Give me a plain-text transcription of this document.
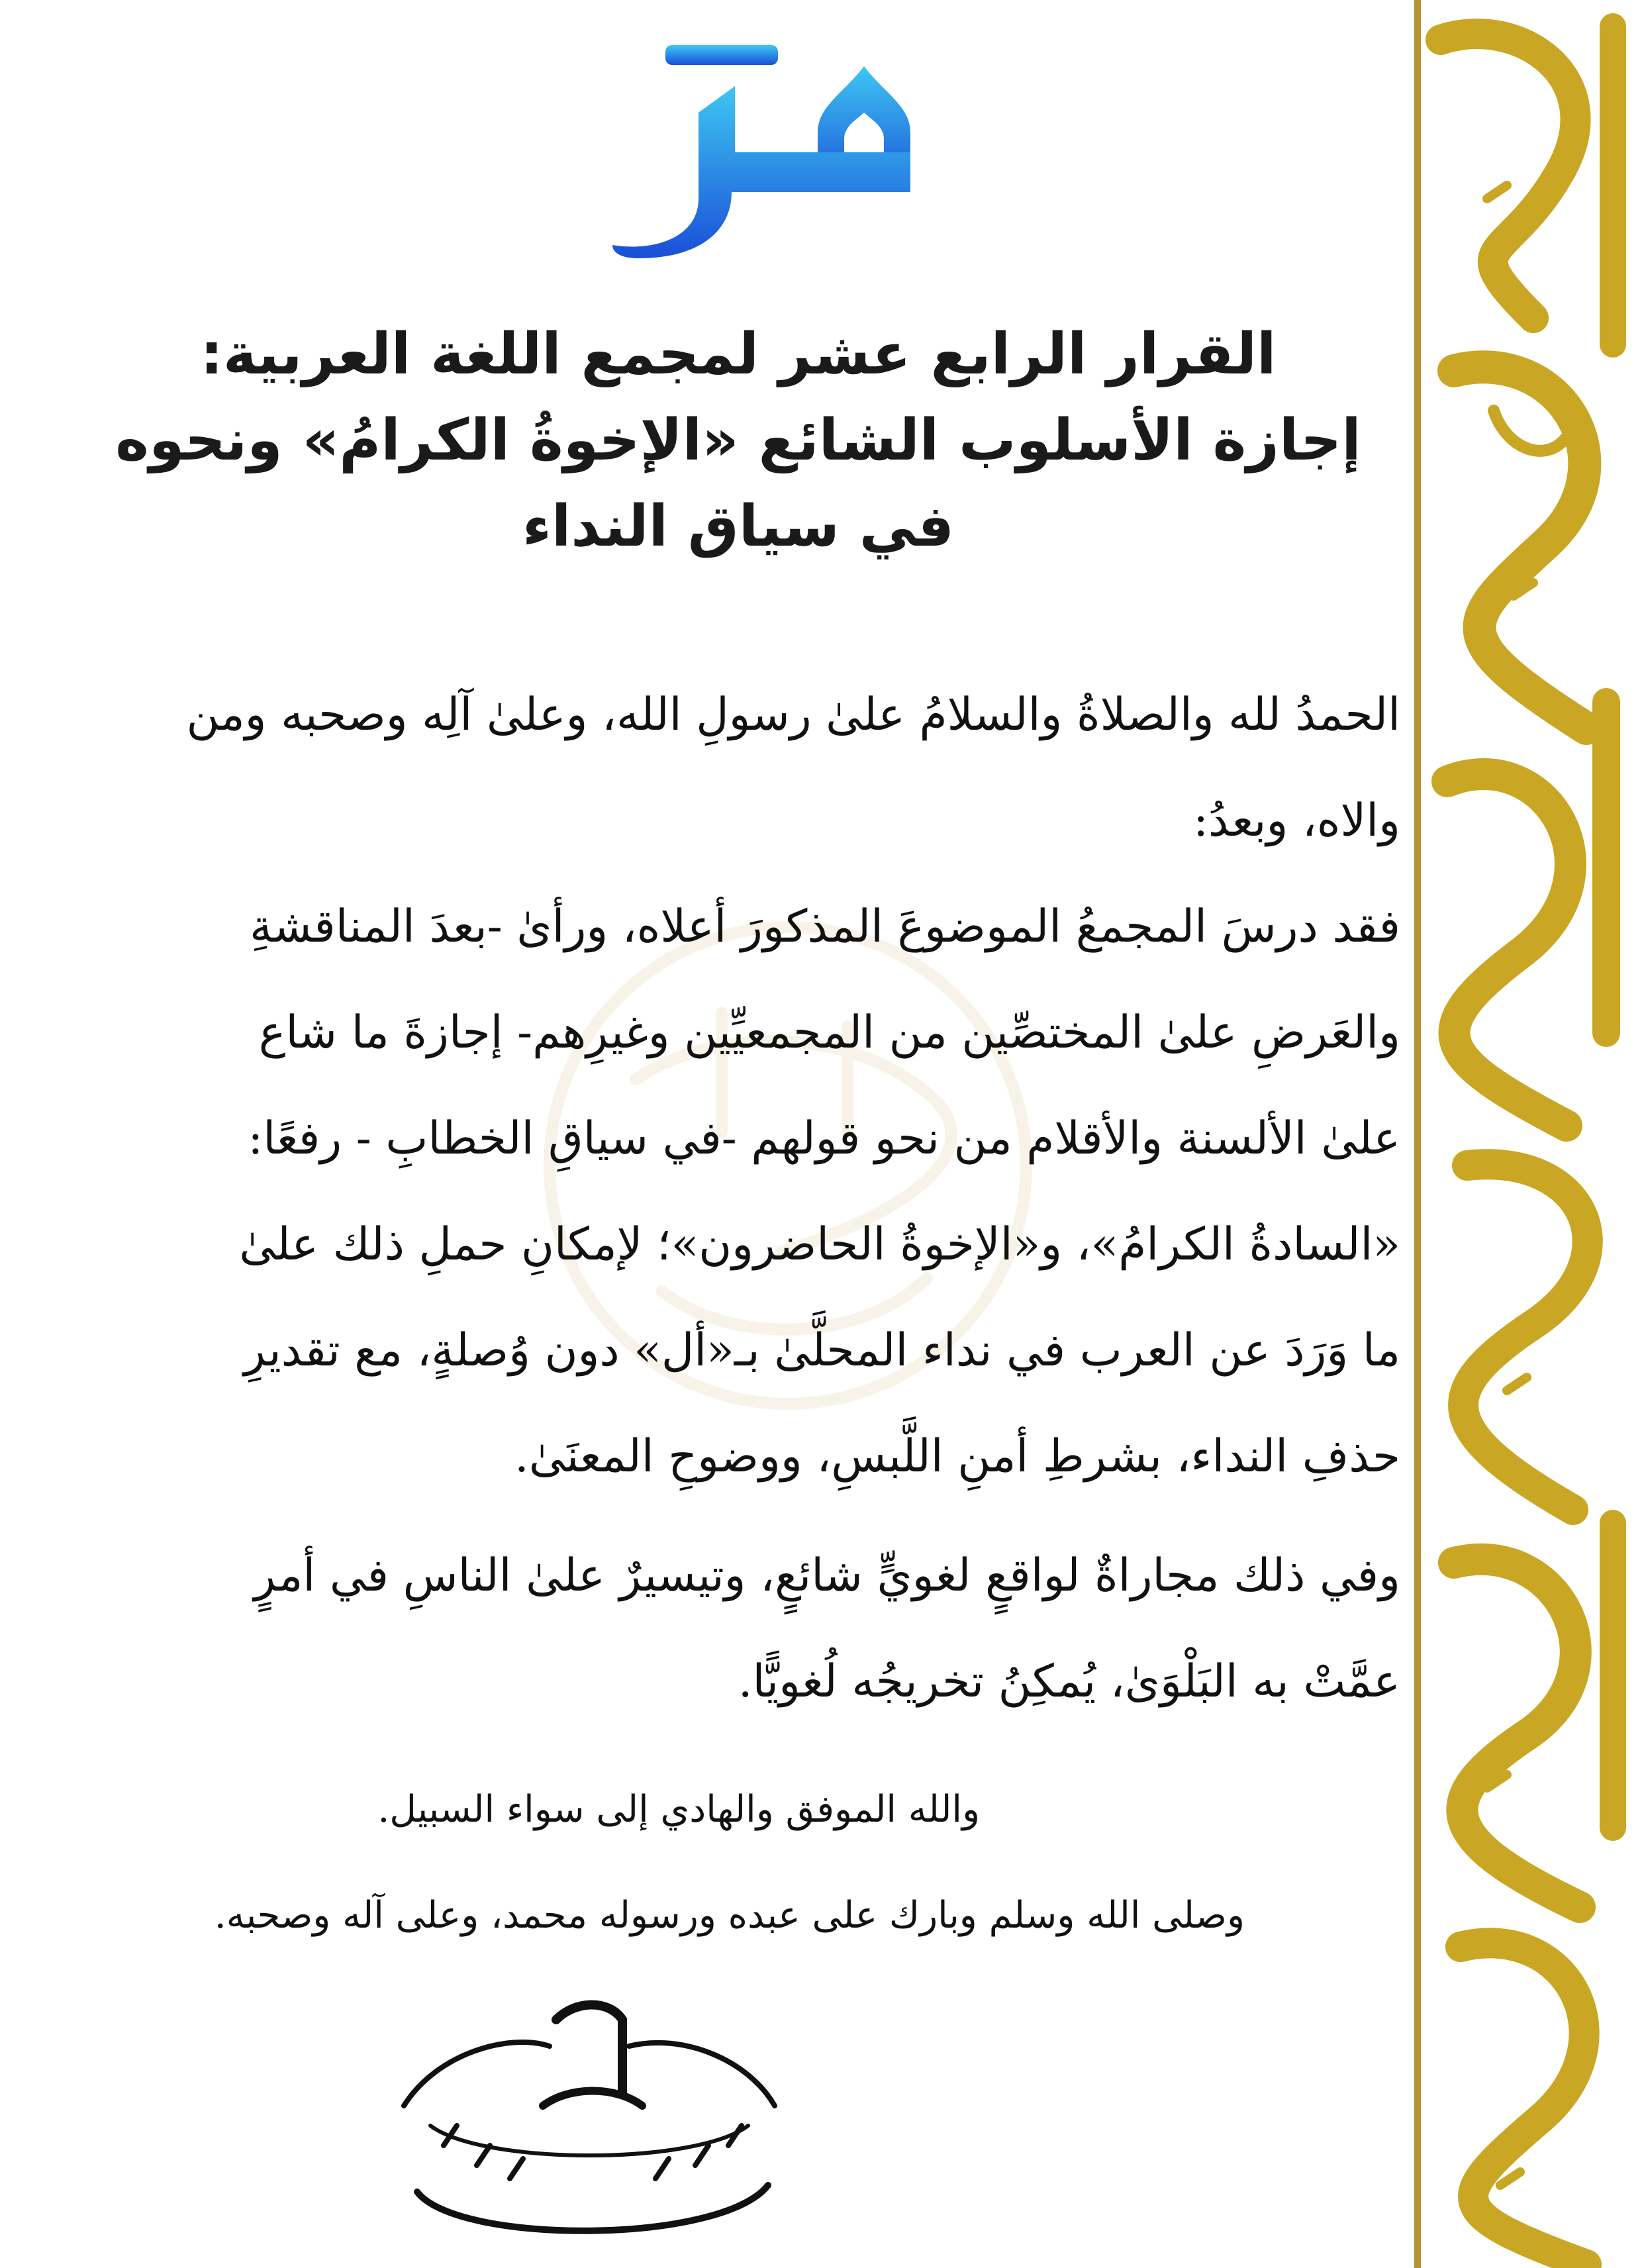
القرار الرابع عشر لمجمع اللغة العربية:
إجازة الأسلوب الشائع «الإخوةُ الكرامُ» ونحوه
في سياق النداء
الحمدُ لله والصلاةُ والسلامُ علىٰ رسولِ الله، وعلىٰ آلِه وصحبه ومن
والاه، وبعدُ:
فقد درسَ المجمعُ الموضوعَ المذكورَ أعلاه، ورأىٰ -بعدَ المناقشةِ
والعَرضِ علىٰ المختصِّين من المجمعيِّين وغيرِهم- إجازةَ ما شاع
علىٰ الألسنة والأقلام من نحو قولهم -في سياقِ الخطابِ - رفعًا:
«السادةُ الكرامُ»، و«الإخوةُ الحاضرون»؛ لإمكانِ حملِ ذلك علىٰ
ما وَرَدَ عن العرب في نداء المحلَّىٰ بـ«أل» دون وُصلةٍ، مع تقديرِ
حذفِ النداء، بشرطِ أمنِ اللَّبسِ، ووضوحِ المعنَىٰ.
وفي ذلك مجاراةٌ لواقعٍ لغويٍّ شائعٍ، وتيسيرٌ علىٰ الناسِ في أمرٍ
عمَّتْ به البَلْوَىٰ، يُمكِنُ تخريجُه لُغويًّا.
والله الموفق والهادي إلى سواء السبيل.
وصلى الله وسلم وبارك على عبده ورسوله محمد، وعلى آله وصحبه.
